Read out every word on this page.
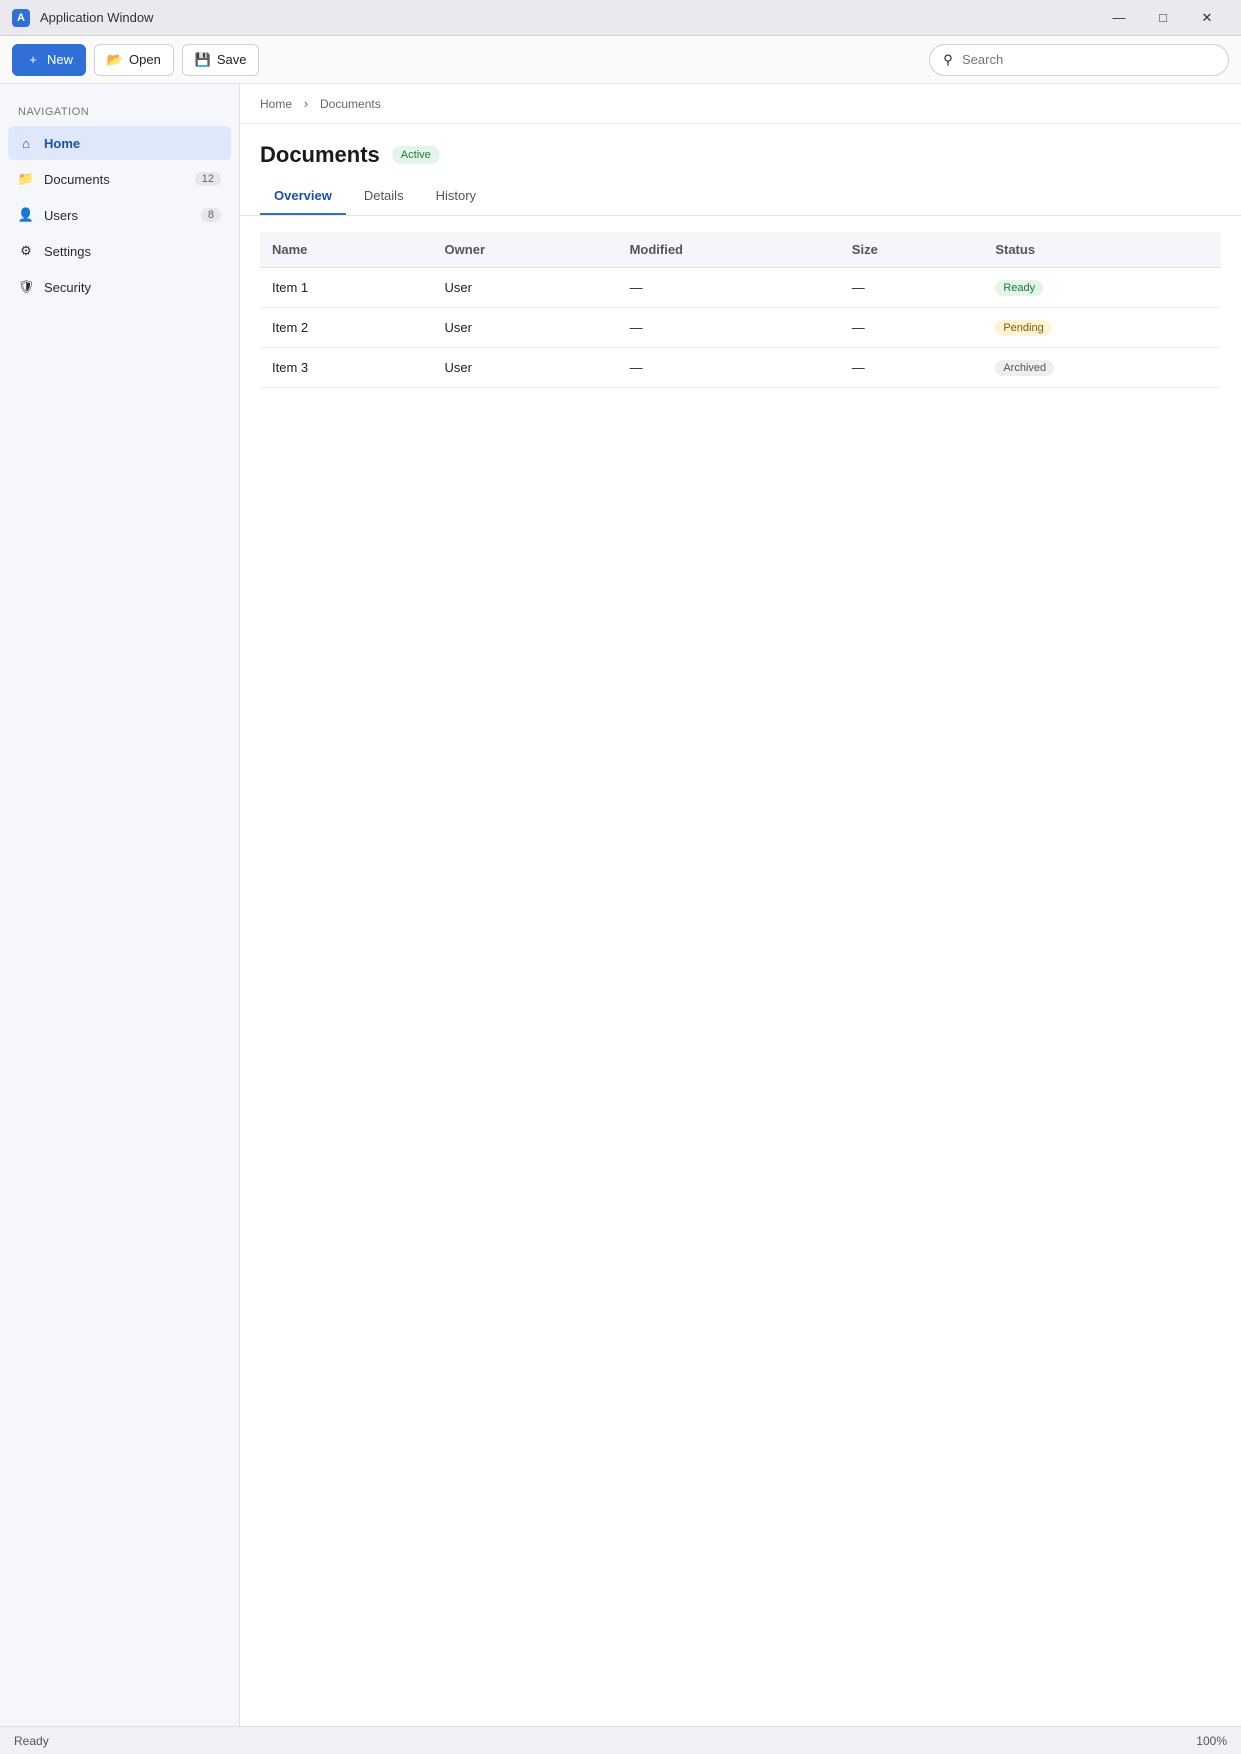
A	Application Window	—	□	✕
+ New	📂 Open	💾 Save	⚲
Search
NAVIGATION
⌂	Home
📁 Documents	12
👤 Users	8
⚙ Settings
🛡 Security
Home › Documents
Documents	Active
Overview	Details	History
Name	Owner	Modified	Size	Status
Item 1	User	—	—	Ready
Item 2	User	—	—	Pending
Item 3	User	—	—	Archived
Ready	100%
